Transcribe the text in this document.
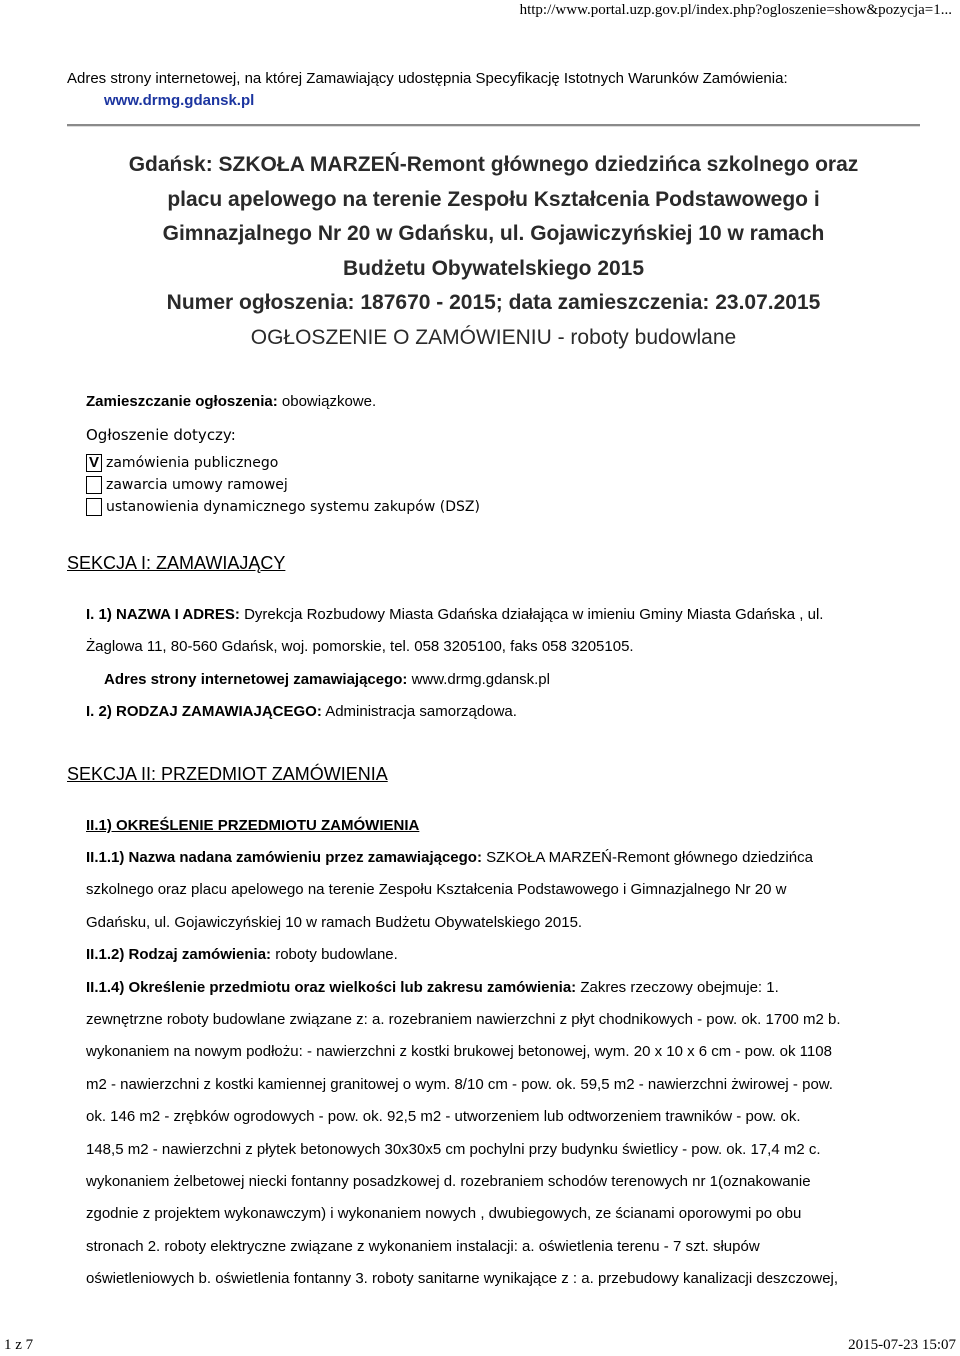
http://www.portal.uzp.gov.pl/index.php?ogloszenie=show&pozycja=1...
Adres strony internetowej, na której Zamawiający udostępnia Specyfikację Istotnych Warunków Zamówienia:
www.drmg.gdansk.pl
Gdańsk: SZKOŁA MARZEŃ-Remont głównego dziedzińca szkolnego oraz
placu apelowego na terenie Zespołu Kształcenia Podstawowego i
Gimnazjalnego Nr 20 w Gdańsku, ul. Gojawiczyńskiej 10 w ramach
Budżetu Obywatelskiego 2015
Numer ogłoszenia: 187670 - 2015; data zamieszczenia: 23.07.2015
OGŁOSZENIE O ZAMÓWIENIU - roboty budowlane
Zamieszczanie ogłoszenia: obowiązkowe.
Ogłoszenie dotyczy:
V zamówienia publicznego
zawarcia umowy ramowej
ustanowienia dynamicznego systemu zakupów (DSZ)
SEKCJA I: ZAMAWIAJĄCY

I. 1) NAZWA I ADRES: Dyrekcja Rozbudowy Miasta Gdańska działająca w imieniu Gminy Miasta Gdańska , ul.

Żaglowa 11, 80-560 Gdańsk, woj. pomorskie, tel. 058 3205100, faks 058 3205105.

Adres strony internetowej zamawiającego: www.drmg.gdansk.pl

I. 2) RODZAJ ZAMAWIAJĄCEGO: Administracja samorządowa.

SEKCJA II: PRZEDMIOT ZAMÓWIENIA
II.1) OKREŚLENIE PRZEDMIOTU ZAMÓWIENIA

II.1.1) Nazwa nadana zamówieniu przez zamawiającego: SZKOŁA MARZEŃ-Remont głównego dziedzińca

szkolnego oraz placu apelowego na terenie Zespołu Kształcenia Podstawowego i Gimnazjalnego Nr 20 w

Gdańsku, ul. Gojawiczyńskiej 10 w ramach Budżetu Obywatelskiego 2015.

II.1.2) Rodzaj zamówienia: roboty budowlane.

II.1.4) Określenie przedmiotu oraz wielkości lub zakresu zamówienia: Zakres rzeczowy obejmuje: 1.

zewnętrzne roboty budowlane związane z: a. rozebraniem nawierzchni z płyt chodnikowych - pow. ok. 1700 m2 b.

wykonaniem na nowym podłożu: - nawierzchni z kostki brukowej betonowej, wym. 20 x 10 x 6 cm - pow. ok 1108

m2 - nawierzchni z kostki kamiennej granitowej o wym. 8/10 cm - pow. ok. 59,5 m2 - nawierzchni żwirowej - pow.

ok. 146 m2 - zrębków ogrodowych - pow. ok. 92,5 m2 - utworzeniem lub odtworzeniem trawników - pow. ok.

148,5 m2 - nawierzchni z płytek betonowych 30x30x5 cm pochylni przy budynku świetlicy - pow. ok. 17,4 m2 c.

wykonaniem żelbetowej niecki fontanny posadzkowej d. rozebraniem schodów terenowych nr 1(oznakowanie

zgodnie z projektem wykonawczym) i wykonaniem nowych , dwubiegowych, ze ścianami oporowymi po obu

stronach 2. roboty elektryczne związane z wykonaniem instalacji: a. oświetlenia terenu - 7 szt. słupów

oświetleniowych b. oświetlenia fontanny 3. roboty sanitarne wynikające z : a. przebudowy kanalizacji deszczowej,

1 z 7	2015-07-23 15:07
